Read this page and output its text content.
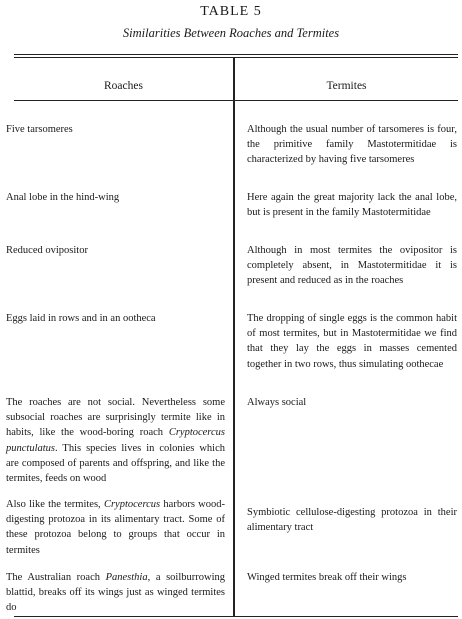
TABLE 5
Similarities Between Roaches and Termites
Roaches	Termites
Five tarsomeres	Although the usual number of tarsomeres is four, the primitive family Mastotermitidae is characterized by having five tarsomeres
Anal lobe in the hind-wing	Here again the great majority lack the anal lobe, but is present in the family Mastotermitidae
Reduced ovipositor	Although in most termites the ovipositor is completely absent, in Mastotermitidae it is present and reduced as in the roaches
Eggs laid in rows and in an ootheca	The dropping of single eggs is the common habit of most termites, but in Mastotermitidae we find that they lay the eggs in masses cemented together in two rows, thus simulating oothecae
The roaches are not social. Nevertheless some subsocial roaches are surprisingly termite like in habits, like the wood-boring roach Cryptocercus punctulatus. This species lives in colonies which are composed of parents and offspring, and like the termites, feeds on wood
Always social
Also like the termites, Cryptocercus harbors wood-digesting protozoa in its alimentary tract. Some of these protozoa belong to groups that occur in termites
Symbiotic cellulose-digesting protozoa in their alimentary tract
The Australian roach Panesthia, a soilburrowing blattid, breaks off its wings just as winged termites do
Winged termites break off their wings
